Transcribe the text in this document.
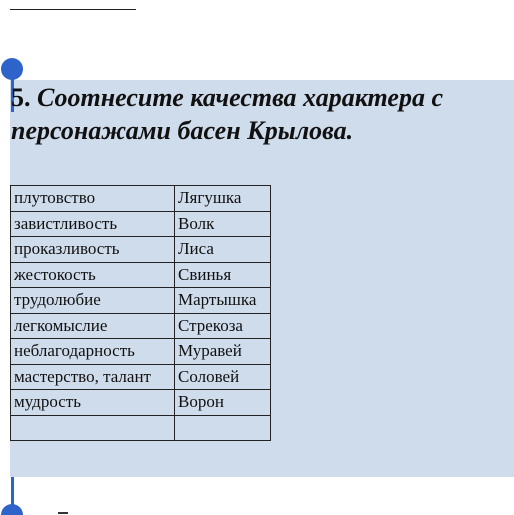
5. Соотнесите качества характера с персонажами басен Крылова.
плутовство	Лягушка
завистливость	Волк
проказливость	Лиса
жестокость	Свинья
трудолюбие	Мартышка
легкомыслие	Стрекоза
неблагодарность	Муравей
мастерство, талант	Соловей
мудрость	Ворон
